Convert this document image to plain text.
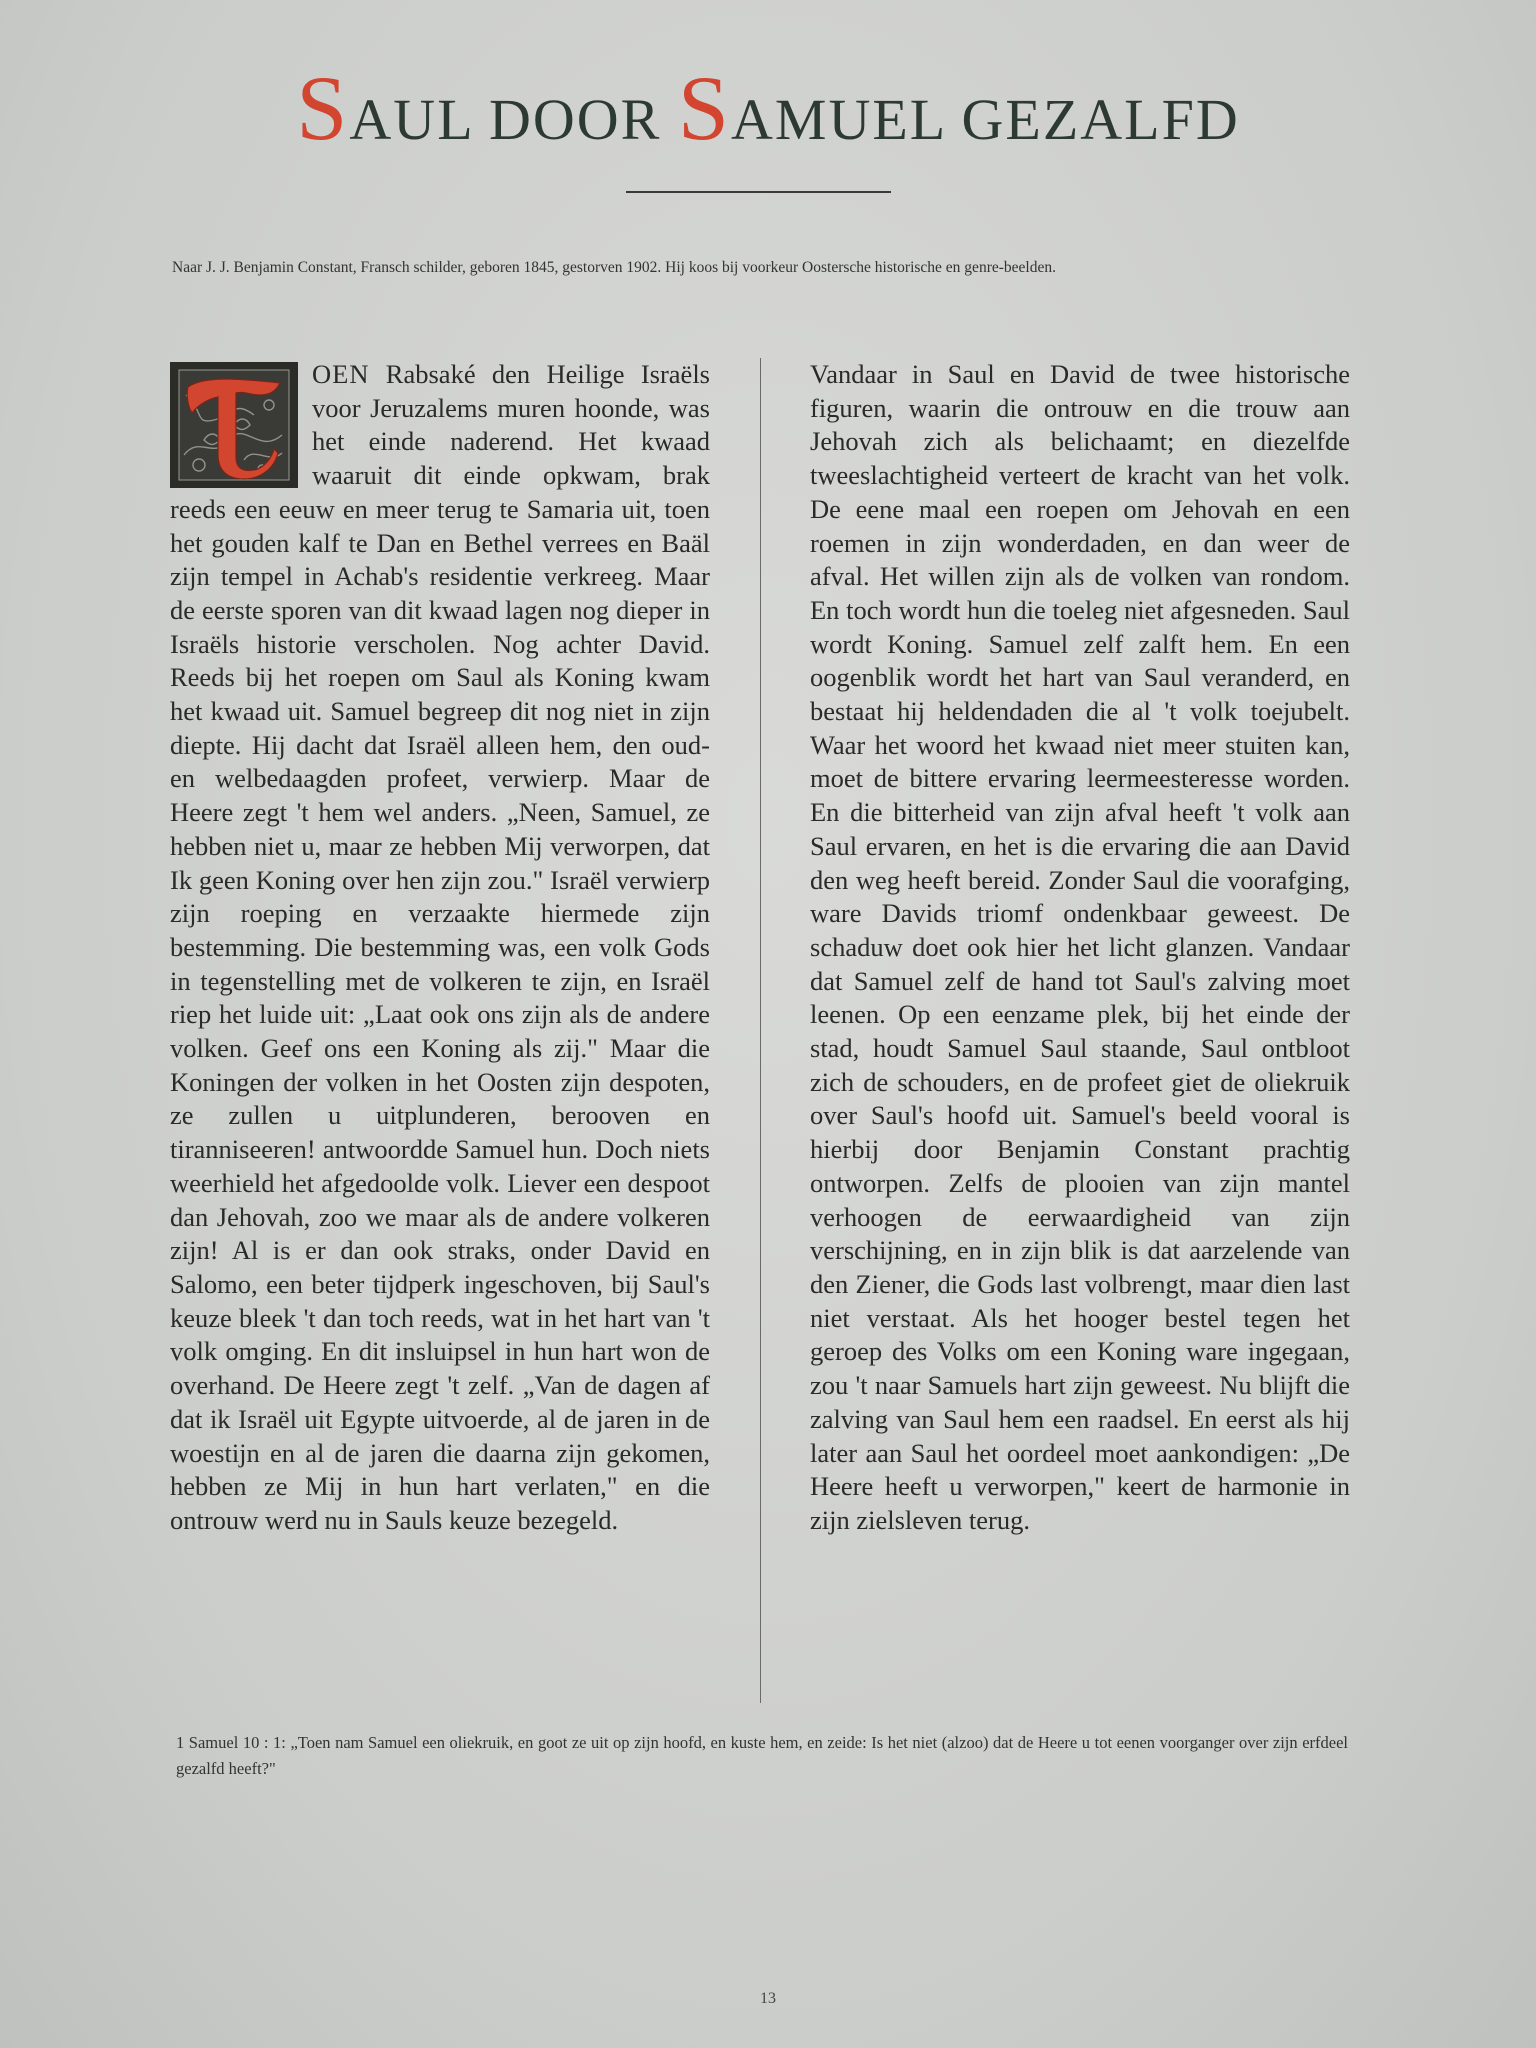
SAUL DOOR SAMUEL GEZALFD
Naar J. J. Benjamin Constant, Fransch schilder, geboren 1845, gestorven 1902. Hij koos bij voorkeur Oostersche historische en genre-beelden.
T
OEN Rabsaké den Heilige Israëls voor Jeruzalems muren hoonde, was het einde naderend. Het kwaad waaruit dit einde opkwam, brak reeds een eeuw en meer terug te Samaria uit, toen het gouden kalf te Dan en Bethel verrees en Baäl zijn tempel in Achab's residentie verkreeg. Maar de eerste sporen van dit kwaad lagen nog dieper in Israëls historie verscholen. Nog achter David. Reeds bij het roepen om Saul als Koning kwam het kwaad uit. Samuel begreep dit nog niet in zijn diepte. Hij dacht dat Israël alleen hem, den oud- en welbedaagden profeet, verwierp. Maar de Heere zegt 't hem wel anders. „Neen, Samuel, ze hebben niet u, maar ze hebben Mij verworpen, dat Ik geen Koning over hen zijn zou." Israël verwierp zijn roeping en verzaakte hiermede zijn bestemming. Die bestemming was, een volk Gods in tegenstelling met de volkeren te zijn, en Israël riep het luide uit: „Laat ook ons zijn als de andere volken. Geef ons een Koning als zij." Maar die Koningen der volken in het Oosten zijn despoten, ze zullen u uitplunderen, berooven en tiranniseeren! antwoordde Samuel hun. Doch niets weerhield het afgedoolde volk. Liever een despoot dan Jehovah, zoo we maar als de andere volkeren zijn! Al is er dan ook straks, onder David en Salomo, een beter tijdperk ingeschoven, bij Saul's keuze bleek 't dan toch reeds, wat in het hart van 't volk omging. En dit insluipsel in hun hart won de overhand. De Heere zegt 't zelf. „Van de dagen af dat ik Israël uit Egypte uitvoerde, al de jaren in de woestijn en al de jaren die daarna zijn gekomen, hebben ze Mij in hun hart verlaten," en die ontrouw werd nu in Sauls keuze bezegeld.
Vandaar in Saul en David de twee historische figuren, waarin die ontrouw en die trouw aan Jehovah zich als belichaamt; en diezelfde tweeslachtigheid verteert de kracht van het volk. De eene maal een roepen om Jehovah en een roemen in zijn wonderdaden, en dan weer de afval. Het willen zijn als de volken van rondom. En toch wordt hun die toeleg niet afgesneden. Saul wordt Koning. Samuel zelf zalft hem. En een oogenblik wordt het hart van Saul veranderd, en bestaat hij heldendaden die al 't volk toejubelt. Waar het woord het kwaad niet meer stuiten kan, moet de bittere ervaring leermeesteresse worden. En die bitterheid van zijn afval heeft 't volk aan Saul ervaren, en het is die ervaring die aan David den weg heeft bereid. Zonder Saul die voorafging, ware Davids triomf ondenkbaar geweest. De schaduw doet ook hier het licht glanzen. Vandaar dat Samuel zelf de hand tot Saul's zalving moet leenen. Op een eenzame plek, bij het einde der stad, houdt Samuel Saul staande, Saul ontbloot zich de schouders, en de profeet giet de oliekruik over Saul's hoofd uit. Samuel's beeld vooral is hierbij door Benjamin Constant prachtig ontworpen. Zelfs de plooien van zijn mantel verhoogen de eerwaardigheid van zijn verschijning, en in zijn blik is dat aarzelende van den Ziener, die Gods last volbrengt, maar dien last niet verstaat. Als het hooger bestel tegen het geroep des Volks om een Koning ware ingegaan, zou 't naar Samuels hart zijn geweest. Nu blijft die zalving van Saul hem een raadsel. En eerst als hij later aan Saul het oordeel moet aankondigen: „De Heere heeft u verworpen," keert de harmonie in zijn zielsleven terug.
1 Samuel 10 : 1: „Toen nam Samuel een oliekruik, en goot ze uit op zijn hoofd, en kuste hem, en zeide: Is het niet (alzoo) dat de Heere u tot eenen voorganger over zijn erfdeel gezalfd heeft?"
13
